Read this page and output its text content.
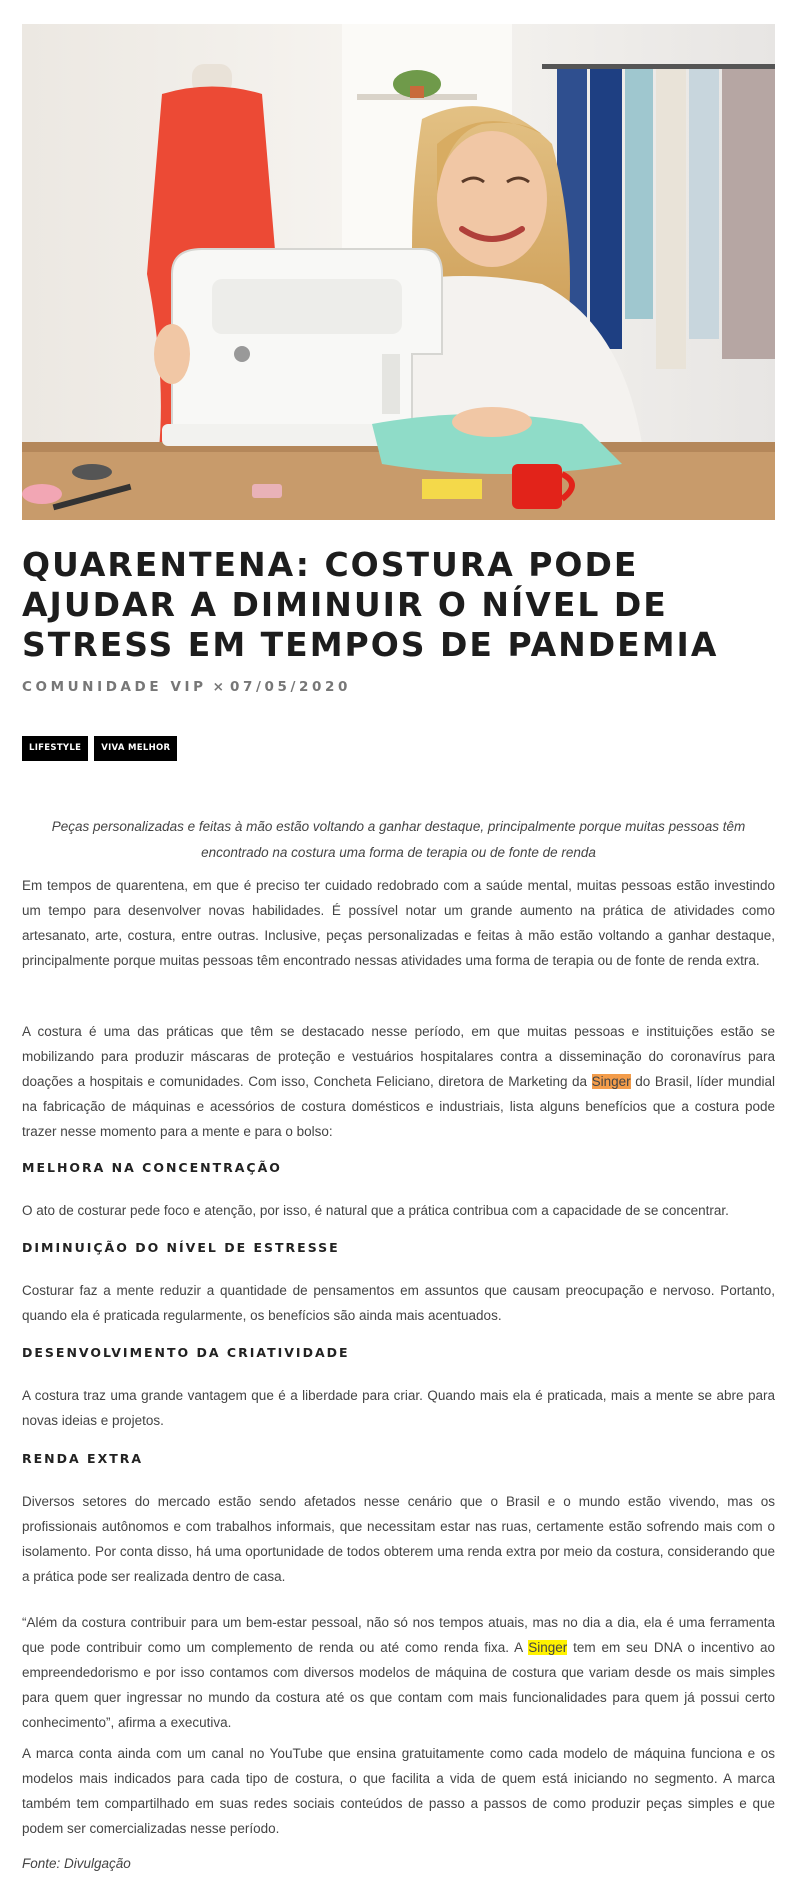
QUARENTENA: COSTURA PODE AJUDAR A DIMINUIR O NÍVEL DE STRESS EM TEMPOS DE PANDEMIA
COMUNIDADE VIP × 07/05/2020
LIFESTYLE	VIVA MELHOR

Peças personalizadas e feitas à mão estão voltando a ganhar destaque, principalmente porque muitas pessoas têm encontrado na costura uma forma de terapia ou de fonte de renda

Em tempos de quarentena, em que é preciso ter cuidado redobrado com a saúde mental, muitas pessoas estão investindo um tempo para desenvolver novas habilidades. É possível notar um grande aumento na prática de atividades como artesanato, arte, costura, entre outras. Inclusive, peças personalizadas e feitas à mão estão voltando a ganhar destaque, principalmente porque muitas pessoas têm encontrado nessas atividades uma forma de terapia ou de fonte de renda extra.

A costura é uma das práticas que têm se destacado nesse período, em que muitas pessoas e instituições estão se mobilizando para produzir máscaras de proteção e vestuários hospitalares contra a disseminação do coronavírus para doações a hospitais e comunidades. Com isso, Concheta Feliciano, diretora de Marketing da Singer do Brasil, líder mundial na fabricação de máquinas e acessórios de costura domésticos e industriais, lista alguns benefícios que a costura pode trazer nesse momento para a mente e para o bolso:

MELHORA NA CONCENTRAÇÃO

O ato de costurar pede foco e atenção, por isso, é natural que a prática contribua com a capacidade de se concentrar.

DIMINUIÇÃO DO NÍVEL DE ESTRESSE

Costurar faz a mente reduzir a quantidade de pensamentos em assuntos que causam preocupação e nervoso. Portanto, quando ela é praticada regularmente, os benefícios são ainda mais acentuados.

DESENVOLVIMENTO DA CRIATIVIDADE

A costura traz uma grande vantagem que é a liberdade para criar. Quando mais ela é praticada, mais a mente se abre para novas ideias e projetos.

RENDA EXTRA

Diversos setores do mercado estão sendo afetados nesse cenário que o Brasil e o mundo estão vivendo, mas os profissionais autônomos e com trabalhos informais, que necessitam estar nas ruas, certamente estão sofrendo mais com o isolamento. Por conta disso, há uma oportunidade de todos obterem uma renda extra por meio da costura, considerando que a prática pode ser realizada dentro de casa.

“Além da costura contribuir para um bem-estar pessoal, não só nos tempos atuais, mas no dia a dia, ela é uma ferramenta que pode contribuir como um complemento de renda ou até como renda fixa. A Singer tem em seu DNA o incentivo ao empreendedorismo e por isso contamos com diversos modelos de máquina de costura que variam desde os mais simples para quem quer ingressar no mundo da costura até os que contam com mais funcionalidades para quem já possui certo conhecimento”, afirma a executiva.

A marca conta ainda com um canal no YouTube que ensina gratuitamente como cada modelo de máquina funciona e os modelos mais indicados para cada tipo de costura, o que facilita a vida de quem está iniciando no segmento. A marca também tem compartilhado em suas redes sociais conteúdos de passo a passos de como produzir peças simples e que podem ser comercializadas nesse período.

Fonte: Divulgação
